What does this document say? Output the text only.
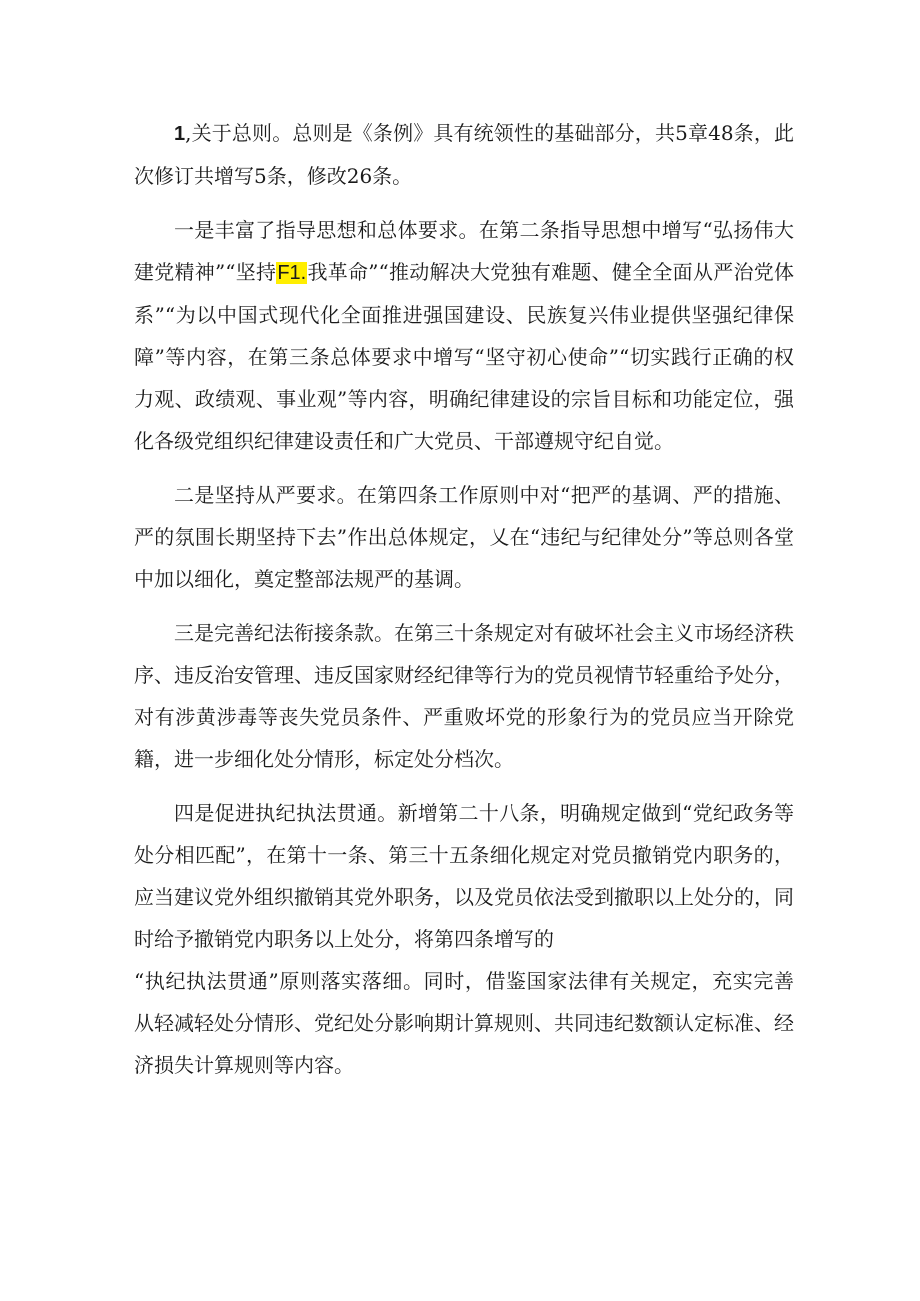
1,关于总则。总则是《条例》具有统领性的基础部分，共5章48条，此次修订共增写5条，修改26条。

一是丰富了指导思想和总体要求。在第二条指导思想中增写“弘扬伟大建党精神”“坚持F1.我革命”“推动解决大党独有难题、健全全面从严治党体系”“为以中国式现代化全面推进强国建设、民族复兴伟业提供坚强纪律保障”等内容，在第三条总体要求中增写“坚守初心使命”“切实践行正确的权力观、政绩观、事业观”等内容，明确纪律建设的宗旨目标和功能定位，强化各级党组织纪律建设责任和广大党员、干部遵规守纪自觉。

二是坚持从严要求。在第四条工作原则中对“把严的基调、严的措施、严的氛围长期坚持下去”作出总体规定，乂在“违纪与纪律处分”等总则各堂中加以细化，奠定整部法规严的基调。

三是完善纪法衔接条款。在第三十条规定对有破坏社会主义市场经济秩序、违反治安管理、违反国家财经纪律等行为的党员视情节轻重给予处分，对有涉黄涉毒等丧失党员条件、严重败坏党的形象行为的党员应当开除党籍，进一步细化处分情形，标定处分档次。

四是促进执纪执法贯通。新增第二十八条，明确规定做到“党纪政务等处分相匹配”，在第十一条、第三十五条细化规定对党员撤销党内职务的，应当建议党外组织撤销其党外职务，以及党员依法受到撤职以上处分的，同时给予撤销党内职务以上处分，将第四条增写的

“执纪执法贯通”原则落实落细。同时，借鉴国家法律有关规定，充实完善从轻减轻处分情形、党纪处分影响期计算规则、共同违纪数额认定标准、经济损失计算规则等内容。
